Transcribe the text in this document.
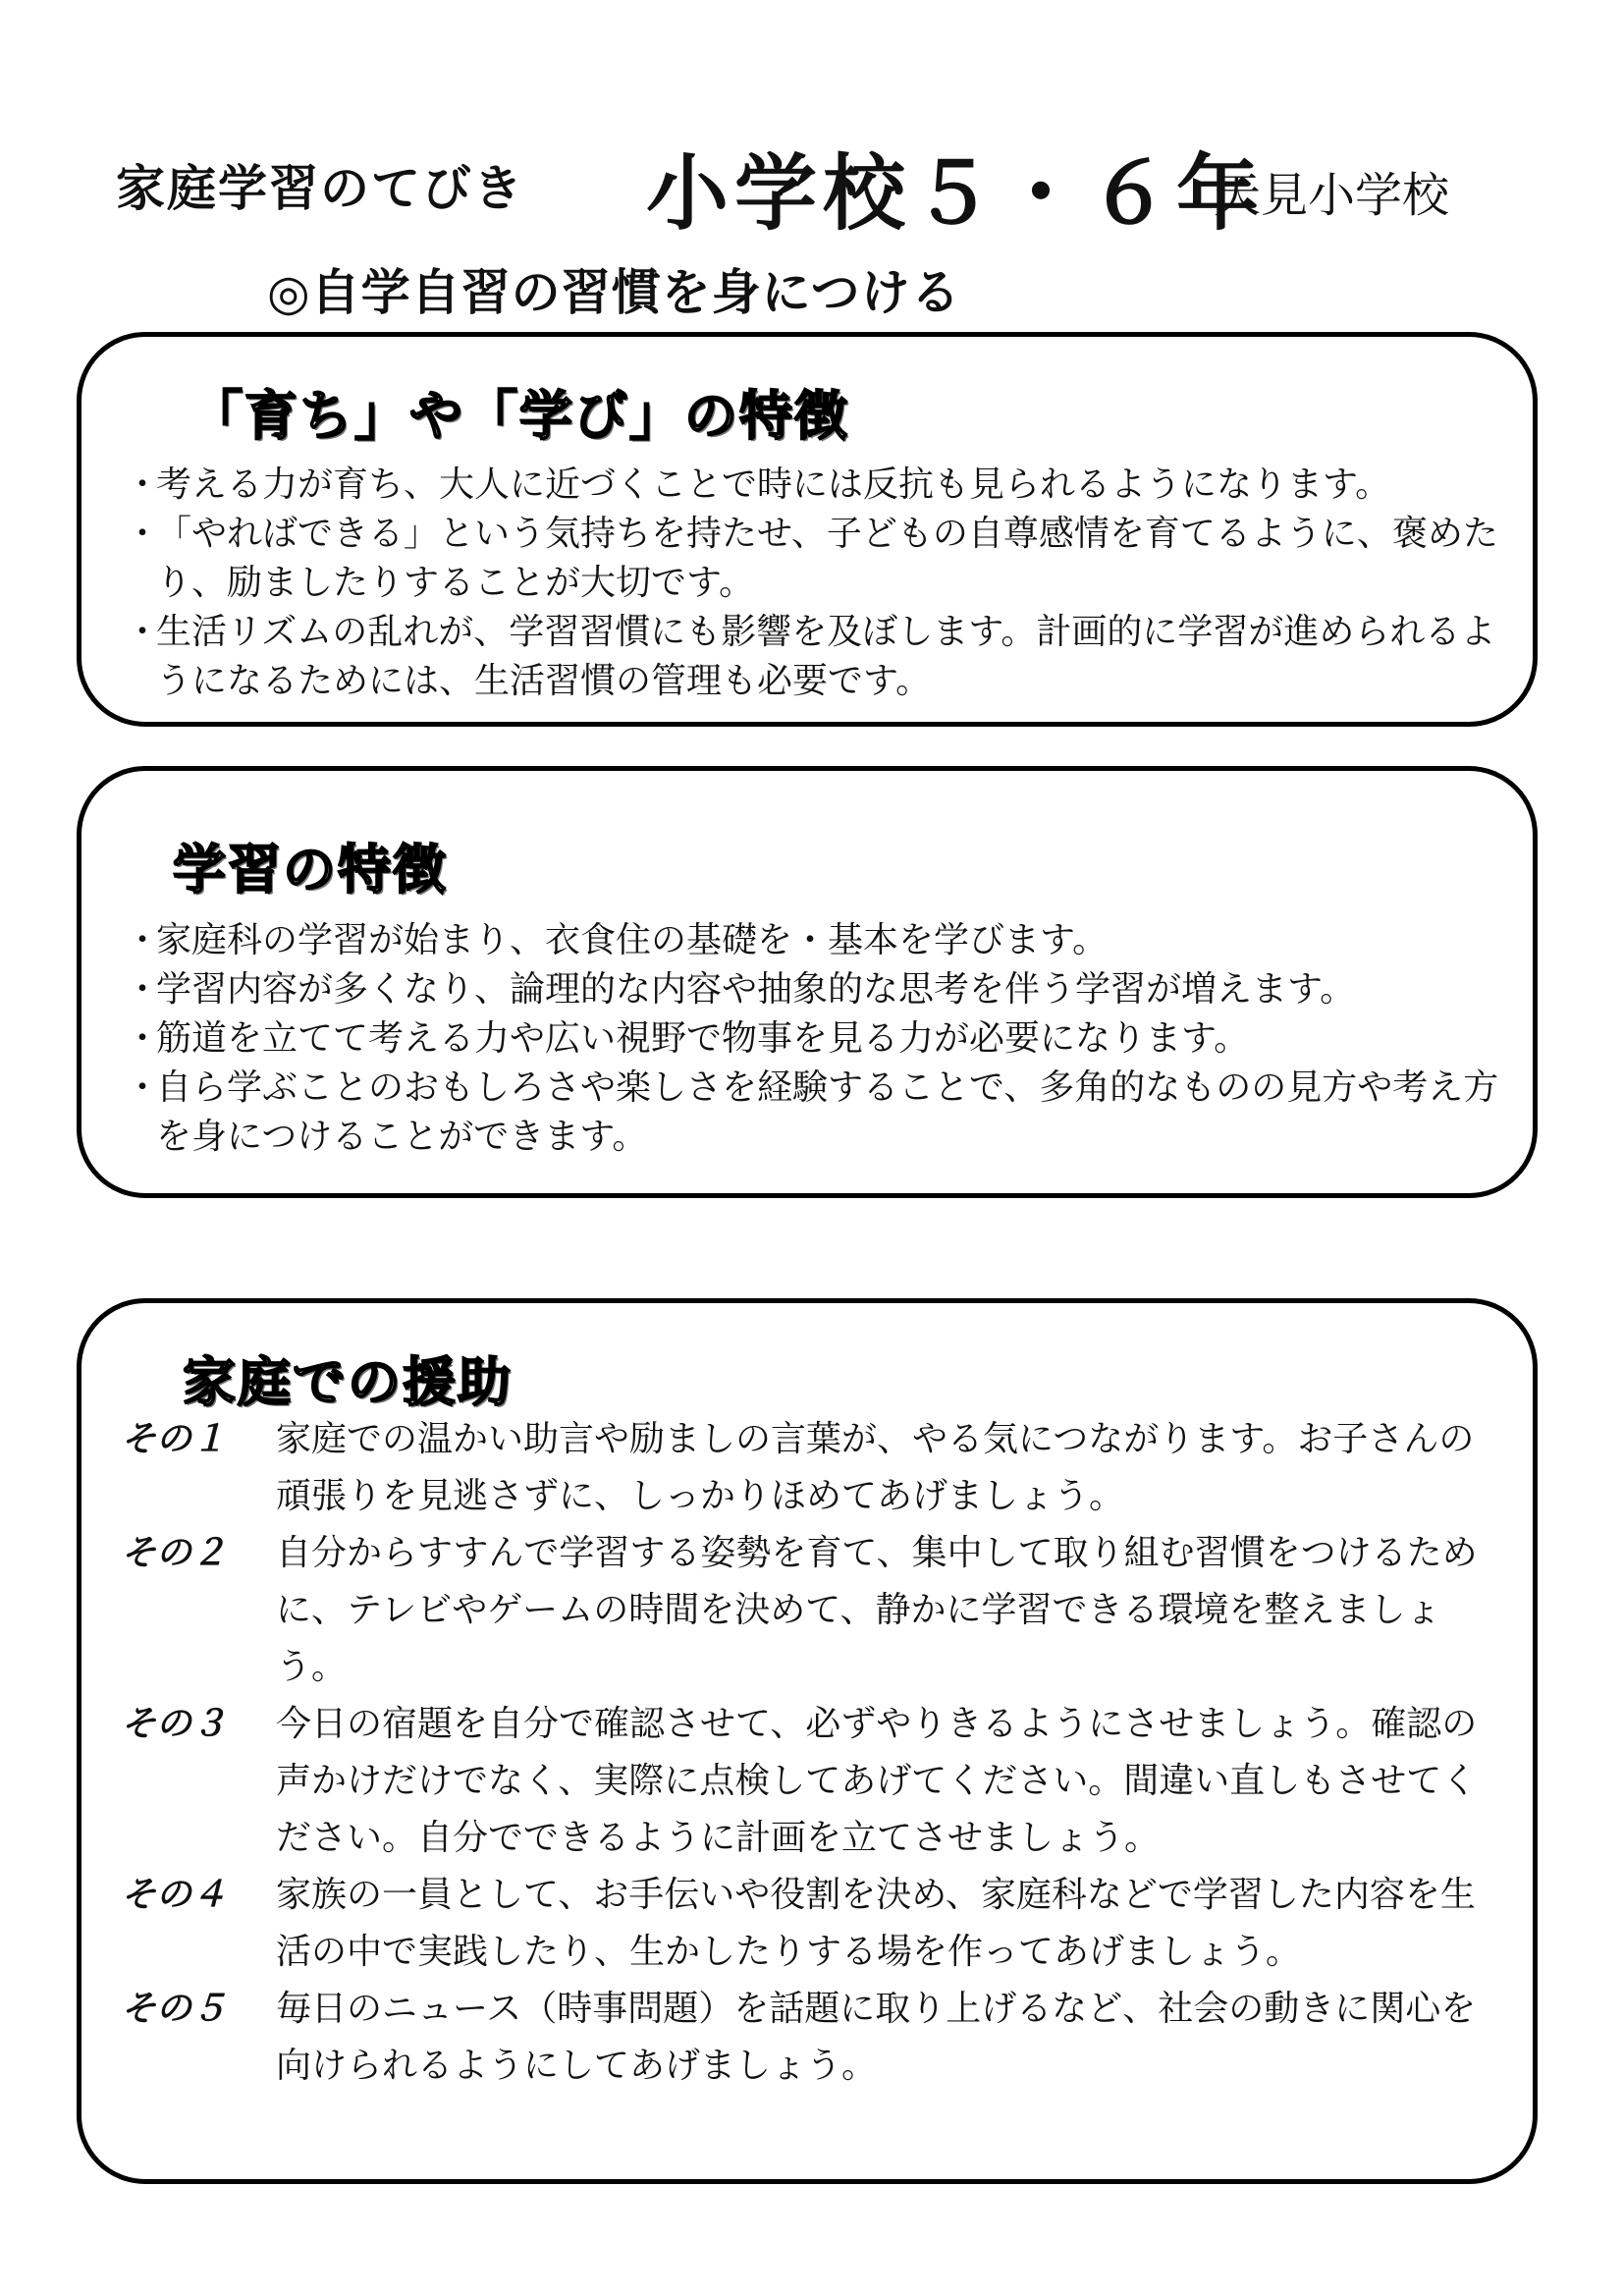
家庭学習のてびき 小学校５・６年
天見小学校
◎自学自習の習慣を身につける
「育ち」や「学び」の特徴
・
考える力が育ち、大人に近づくことで時には反抗も見られるようになります。
・
「やればできる」という気持ちを持たせ、子どもの自尊感情を育てるように、褒めたり、励ましたりすることが大切です。
・
生活リズムの乱れが、学習習慣にも影響を及ぼします。計画的に学習が進められるようになるためには、生活習慣の管理も必要です。
学習の特徴
・
家庭科の学習が始まり、衣食住の基礎を・基本を学びます。
・
学習内容が多くなり、論理的な内容や抽象的な思考を伴う学習が増えます。
・
筋道を立てて考える力や広い視野で物事を見る力が必要になります。
・
自ら学ぶことのおもしろさや楽しさを経験することで、多角的なものの見方や考え方を身につけることができます。
家庭での援助
その１ 家庭での温かい助言や励ましの言葉が、やる気につながります。お子さんの頑張りを見逃さずに、しっかりほめてあげましょう。
その２ 自分からすすんで学習する姿勢を育て、集中して取り組む習慣をつけるために、テレビやゲームの時間を決めて、静かに学習できる環境を整えましょう。
その３ 今日の宿題を自分で確認させて、必ずやりきるようにさせましょう。確認の声かけだけでなく、実際に点検してあげてください。間違い直しもさせてください。自分でできるように計画を立てさせましょう。
その４ 家族の一員として、お手伝いや役割を決め、家庭科などで学習した内容を生活の中で実践したり、生かしたりする場を作ってあげましょう。
その５ 毎日のニュース（時事問題）を話題に取り上げるなど、社会の動きに関心を向けられるようにしてあげましょう。
